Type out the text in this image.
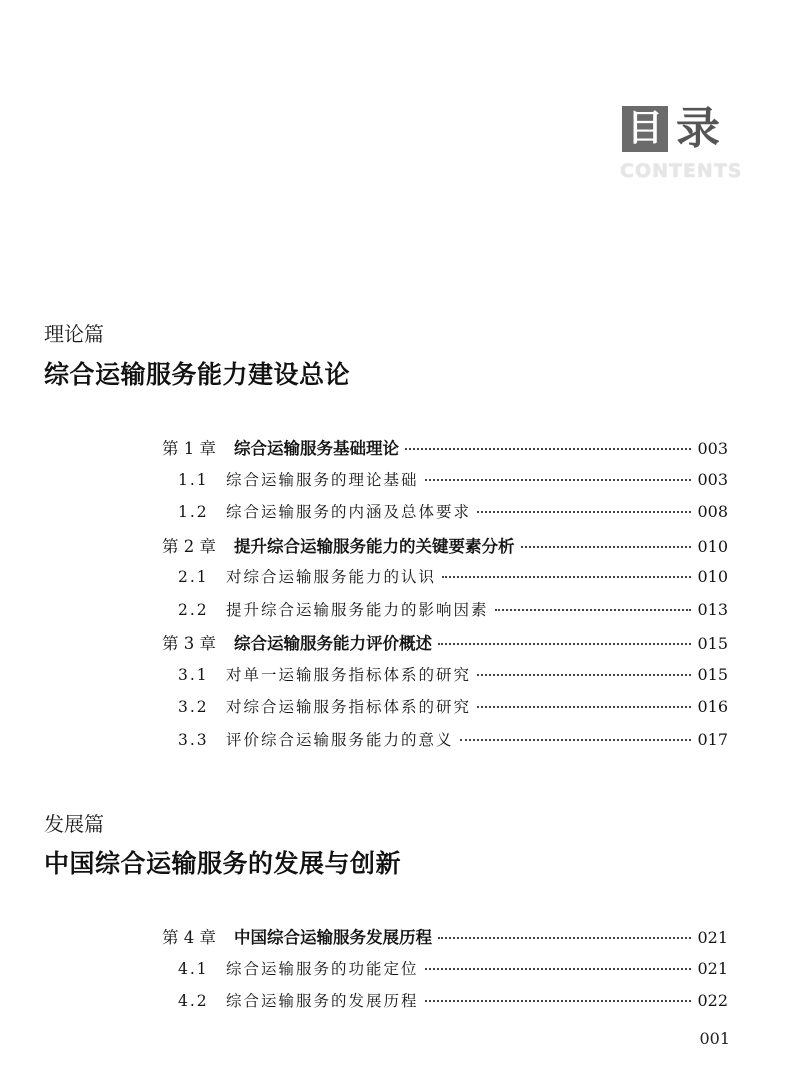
目 录
CONTENTS
理论篇
综合运输服务能力建设总论
第 1 章	综合运输服务基础理论	003
1.1	综合运输服务的理论基础	003
1.2	综合运输服务的内涵及总体要求	008
第 2 章	提升综合运输服务能力的关键要素分析	010
2.1	对综合运输服务能力的认识	010
2.2	提升综合运输服务能力的影响因素	013
第 3 章	综合运输服务能力评价概述	015
3.1	对单一运输服务指标体系的研究	015
3.2	对综合运输服务指标体系的研究	016
3.3	评价综合运输服务能力的意义	017
发展篇
中国综合运输服务的发展与创新
第 4 章	中国综合运输服务发展历程	021
4.1	综合运输服务的功能定位	021
4.2	综合运输服务的发展历程	022
001
